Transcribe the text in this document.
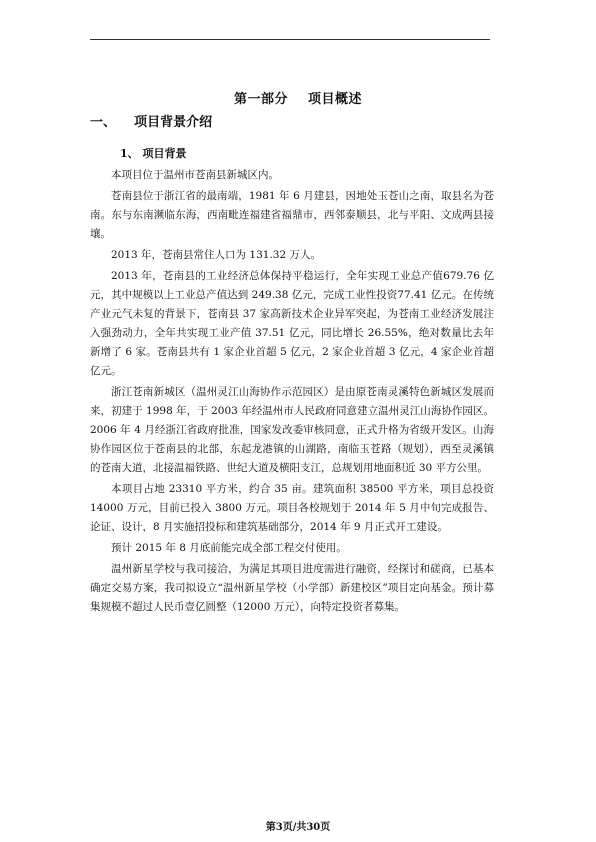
第一部分    项目概述
一、    项目背景介绍
1、 项目背景

本项目位于温州市苍南县新城区内。

苍南县位于浙江省的最南端，1981 年 6 月建县，因地处玉苍山之南，取县名为苍南。东与东南濒临东海，西南毗连福建省福鼎市，西邻泰顺县，北与平阳、文成两县接壤。

2013 年，苍南县常住人口为 131.32 万人。

2013 年，苍南县的工业经济总体保持平稳运行，全年实现工业总产值679.76 亿元，其中规模以上工业总产值达到 249.38 亿元，完成工业性投资77.41 亿元。在传统产业元气未复的背景下，苍南县 37 家高新技术企业异军突起，为苍南工业经济发展注入强劲动力，全年共实现工业产值 37.51 亿元，同比增长 26.55%，绝对数量比去年新增了 6 家。苍南县共有 1 家企业首超 5 亿元，2 家企业首超 3 亿元，4 家企业首超亿元。

浙江苍南新城区（温州灵江山海协作示范园区）是由原苍南灵溪特色新城区发展而来，初建于 1998 年，于 2003 年经温州市人民政府同意建立温州灵江山海协作园区。2006 年 4 月经浙江省政府批准，国家发改委审核同意，正式升格为省级开发区。山海协作园区位于苍南县的北部，东起龙港镇的山湖路，南临玉苍路（规划），西至灵溪镇的苍南大道，北接温福铁路、世纪大道及横阳支江，总规划用地面积近 30 平方公里。

本项目占地 23310 平方米，约合 35 亩。建筑面积 38500 平方米，项目总投资 14000 万元，目前已投入 3800 万元。项目各校规划于 2014 年 5 月中旬完成报告、论证、设计，8 月实施招投标和建筑基础部分，2014 年 9 月正式开工建设。

预计 2015 年 8 月底前能完成全部工程交付使用。

温州新星学校与我司接洽，为满足其项目进度需进行融资，经探讨和磋商，已基本确定交易方案，我司拟设立“温州新星学校（小学部）新建校区”项目定向基金。预计募集规模不超过人民币壹亿圆整（12000 万元），向特定投资者募集。

第3页/共30页
